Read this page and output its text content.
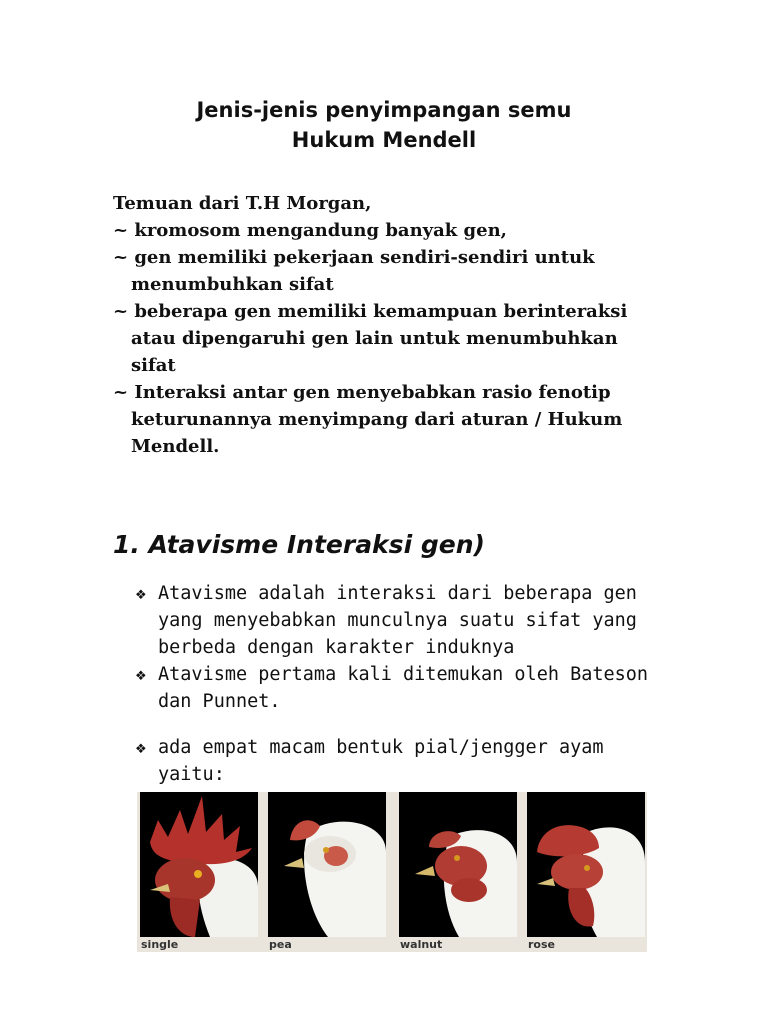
Jenis-jenis penyimpangan semu
Hukum Mendell
Temuan dari T.H Morgan,
~ kromosom mengandung banyak gen,
~ gen memiliki pekerjaan sendiri-sendiri untuk
menumbuhkan sifat
~ beberapa gen memiliki kemampuan berinteraksi
atau dipengaruhi gen lain untuk menumbuhkan
sifat
~ Interaksi antar gen menyebabkan rasio fenotip
keturunannya menyimpang dari aturan / Hukum
Mendell.
1. Atavisme Interaksi gen)
❖ Atavisme adalah interaksi dari beberapa gen
yang menyebabkan munculnya suatu sifat yang
berbeda dengan karakter induknya
❖ Atavisme pertama kali ditemukan oleh Bateson
dan Punnet.
❖ ada empat macam bentuk pial/jengger ayam
yaitu:
single	pea	walnut	rose
